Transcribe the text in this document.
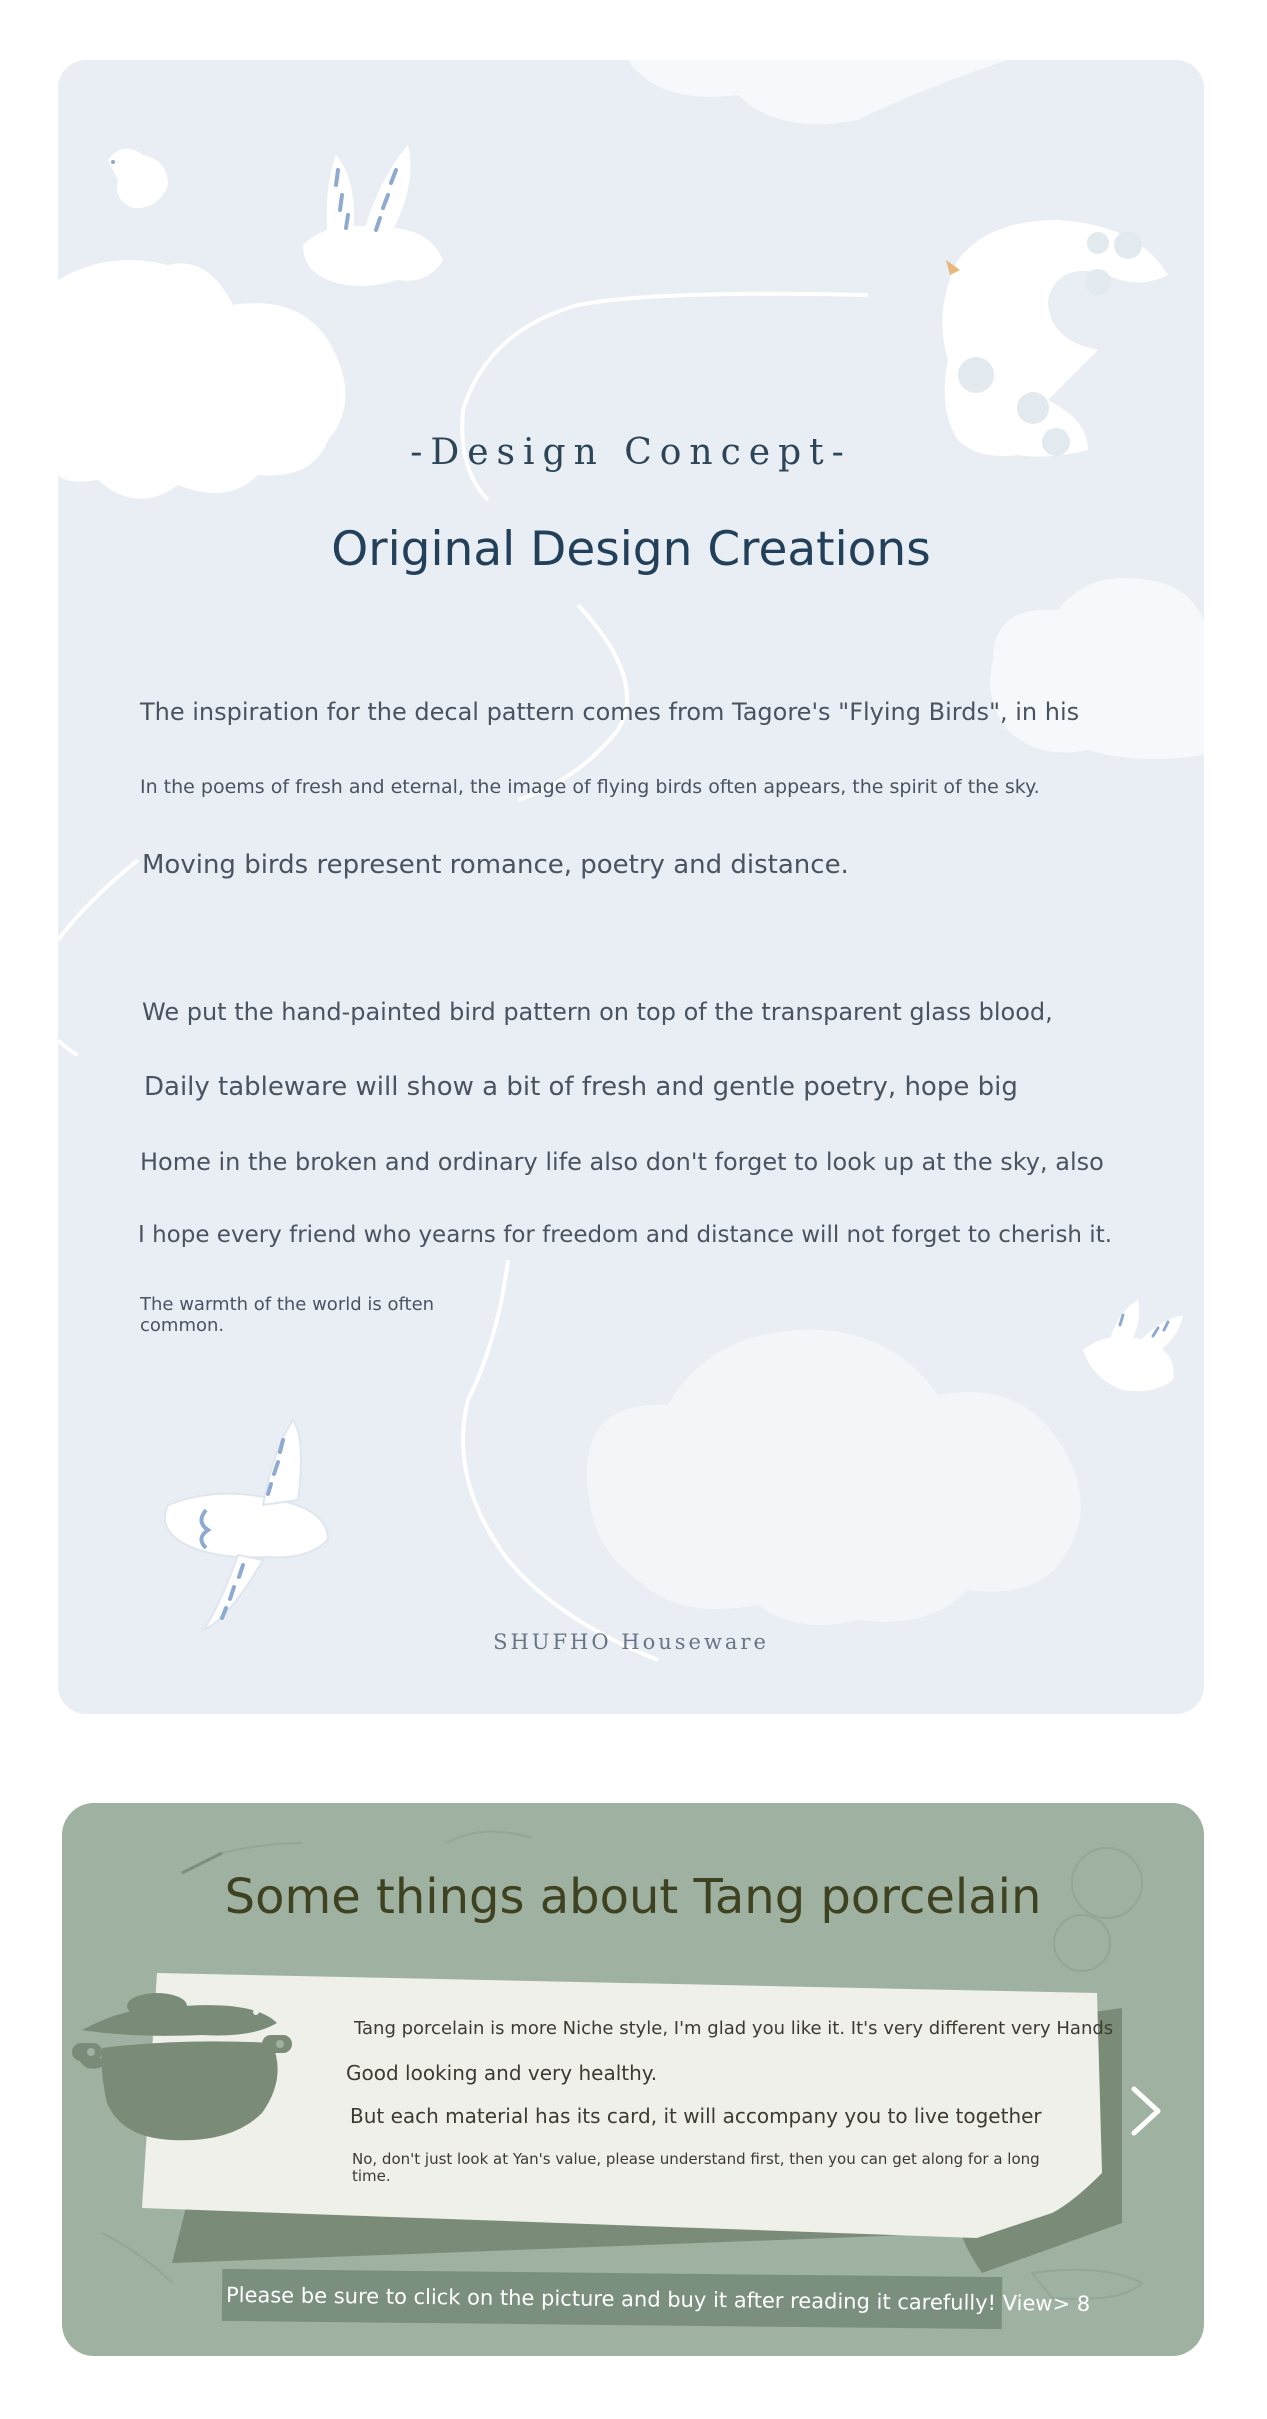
-Design Concept-
Original Design Creations
The inspiration for the decal pattern comes from Tagore's "Flying Birds", in his
In the poems of fresh and eternal, the image of flying birds often appears, the spirit of the sky.
Moving birds represent romance, poetry and distance.
We put the hand-painted bird pattern on top of the transparent glass blood,
Daily tableware will show a bit of fresh and gentle poetry, hope big
Home in the broken and ordinary life also don't forget to look up at the sky, also
I hope every friend who yearns for freedom and distance will not forget to cherish it.
The warmth of the world is often
common.
SHUFHO Houseware
Some things about Tang porcelain
Tang porcelain is more Niche style, I'm glad you like it. It's very different very Hands
Good looking and very healthy.
But each material has its card, it will accompany you to live together
No, don't just look at Yan's value, please understand first, then you can get along for a long
time.
Please be sure to click on the picture and buy it after reading it carefully! View> 8
